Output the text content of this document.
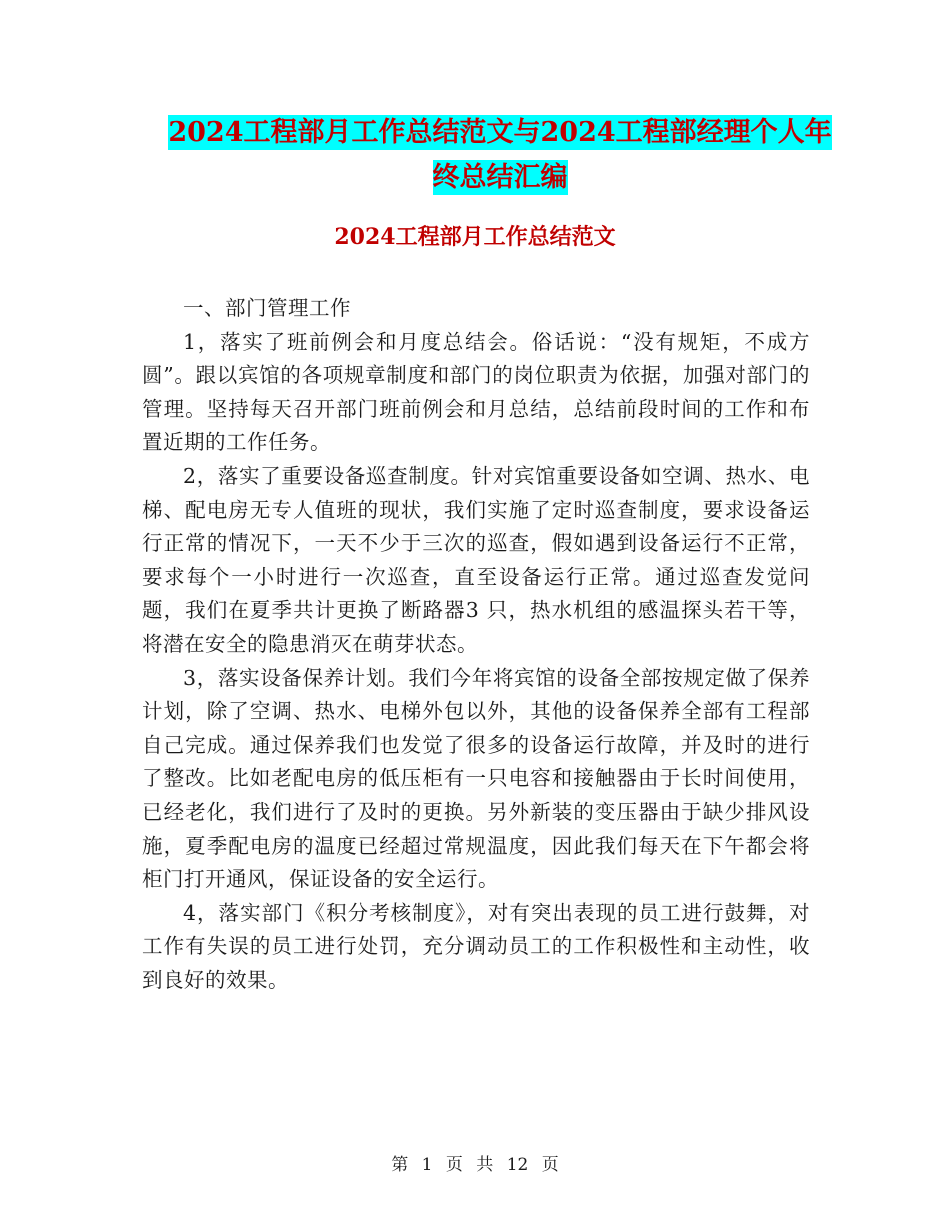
2024工程部月工作总结范文与2024工程部经理个人年
终总结汇编
2024工程部月工作总结范文

一、部门管理工作

1，落实了班前例会和月度总结会。俗话说：“没有规矩，不成方圆”。跟以宾馆的各项规章制度和部门的岗位职责为依据，加强对部门的管理。坚持每天召开部门班前例会和月总结，总结前段时间的工作和布置近期的工作任务。

2，落实了重要设备巡查制度。针对宾馆重要设备如空调、热水、电梯、配电房无专人值班的现状，我们实施了定时巡查制度，要求设备运行正常的情况下，一天不少于三次的巡查，假如遇到设备运行不正常，要求每个一小时进行一次巡查，直至设备运行正常。通过巡查发觉问题，我们在夏季共计更换了断路器3 只，热水机组的感温探头若干等，将潜在安全的隐患消灭在萌芽状态。

3，落实设备保养计划。我们今年将宾馆的设备全部按规定做了保养计划，除了空调、热水、电梯外包以外，其他的设备保养全部有工程部自己完成。通过保养我们也发觉了很多的设备运行故障，并及时的进行了整改。比如老配电房的低压柜有一只电容和接触器由于长时间使用，已经老化，我们进行了及时的更换。另外新装的变压器由于缺少排风设施，夏季配电房的温度已经超过常规温度，因此我们每天在下午都会将柜门打开通风，保证设备的安全运行。

4，落实部门《积分考核制度》，对有突出表现的员工进行鼓舞，对工作有失误的员工进行处罚，充分调动员工的工作积极性和主动性，收到良好的效果。

第 1 页 共 12 页
